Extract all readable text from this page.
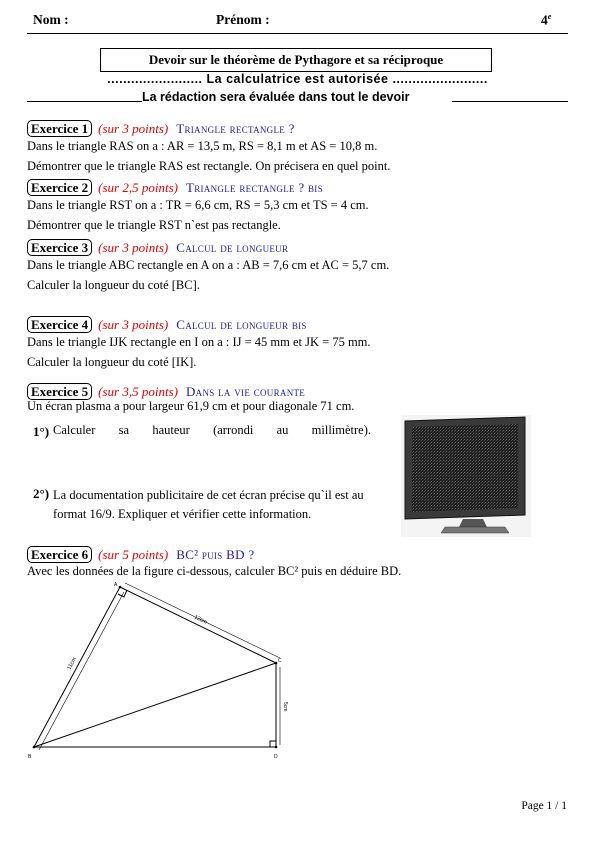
Nom :	Prénom :	4e
Devoir sur le théorème de Pythagore et sa réciproque
........................ La calculatrice est autorisée ........................
La rédaction sera évaluée dans tout le devoir
Exercice 1 (sur 3 points) Triangle rectangle ?
Dans le triangle RAS on a : AR = 13,5 m, RS = 8,1 m et AS = 10,8 m.
Démontrer que le triangle RAS est rectangle. On précisera en quel point.
Exercice 2 (sur 2,5 points) Triangle rectangle ? bis
Dans le triangle RST on a : TR = 6,6 cm, RS = 5,3 cm et TS = 4 cm.
Démontrer que le triangle RST n`est pas rectangle.
Exercice 3 (sur 3 points) Calcul de longueur
Dans le triangle ABC rectangle en A on a : AB = 7,6 cm et AC = 5,7 cm.
Calculer la longueur du coté [BC].
Exercice 4 (sur 3 points) Calcul de longueur bis
Dans le triangle IJK rectangle en I on a : IJ = 45 mm et JK = 75 mm.
Calculer la longueur du coté [IK].
Exercice 5 (sur 3,5 points) Dans la vie courante
Un écran plasma a pour largeur 61,9 cm et pour diagonale 71 cm.
1°) Calculer sa hauteur (arrondi au millimètre).
$^{2^\circ)}$ La documentation publicitaire de cet écran précise qu`il est au format 16/9. Expliquer et vérifier cette information.
Exercice 6 (sur 5 points) BC² puis BD ?
Avec les données de la figure ci-dessous, calculer BC² puis en déduire BD.
B	D
A
C
11cm
12cm
5cm
Page 1 / 1
